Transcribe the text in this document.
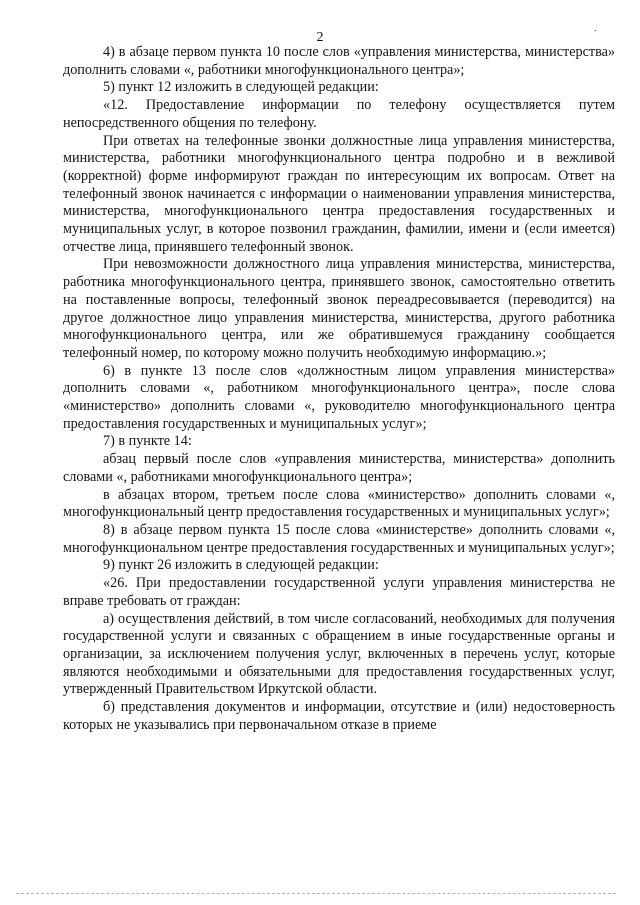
2
.

4) в абзаце первом пункта 10 после слов «управления министерства, министерства» дополнить словами «, работники многофункционального центра»;

5) пункт 12 изложить в следующей редакции:

«12. Предоставление информации по телефону осуществляется путем непосредственного общения по телефону.

При ответах на телефонные звонки должностные лица управления министерства, министерства, работники многофункционального центра подробно и в вежливой (корректной) форме информируют граждан по интересующим их вопросам. Ответ на телефонный звонок начинается с информации о наименовании управления министерства, министерства, многофункционального центра предоставления государственных и муниципальных услуг, в которое позвонил гражданин, фамилии, имени и (если имеется) отчестве лица, принявшего телефонный звонок.

При невозможности должностного лица управления министерства, министерства, работника многофункционального центра, принявшего звонок, самостоятельно ответить на поставленные вопросы, телефонный звонок переадресовывается (переводится) на другое должностное лицо управления министерства, министерства, другого работника многофункционального центра, или же обратившемуся гражданину сообщается телефонный номер, по которому можно получить необходимую информацию.»;

6) в пункте 13 после слов «должностным лицом управления министерства» дополнить словами «, работником многофункционального центра», после слова «министерство» дополнить словами «, руководителю многофункционального центра предоставления государственных и муниципальных услуг»;

7) в пункте 14:

абзац первый после слов «управления министерства, министерства» дополнить словами «, работниками многофункционального центра»;

в абзацах втором, третьем после слова «министерство» дополнить словами «, многофункциональный центр предоставления государственных и муниципальных услуг»;

8) в абзаце первом пункта 15 после слова «министерстве» дополнить словами «, многофункциональном центре предоставления государственных и муниципальных услуг»;

9) пункт 26 изложить в следующей редакции:

«26. При предоставлении государственной услуги управления министерства не вправе требовать от граждан:

а) осуществления действий, в том числе согласований, необходимых для получения государственной услуги и связанных с обращением в иные государственные органы и организации, за исключением получения услуг, включенных в перечень услуг, которые являются необходимыми и обязательными для предоставления государственных услуг, утвержденный Правительством Иркутской области.

б) представления документов и информации, отсутствие и (или) недостоверность которых не указывались при первоначальном отказе в приеме
